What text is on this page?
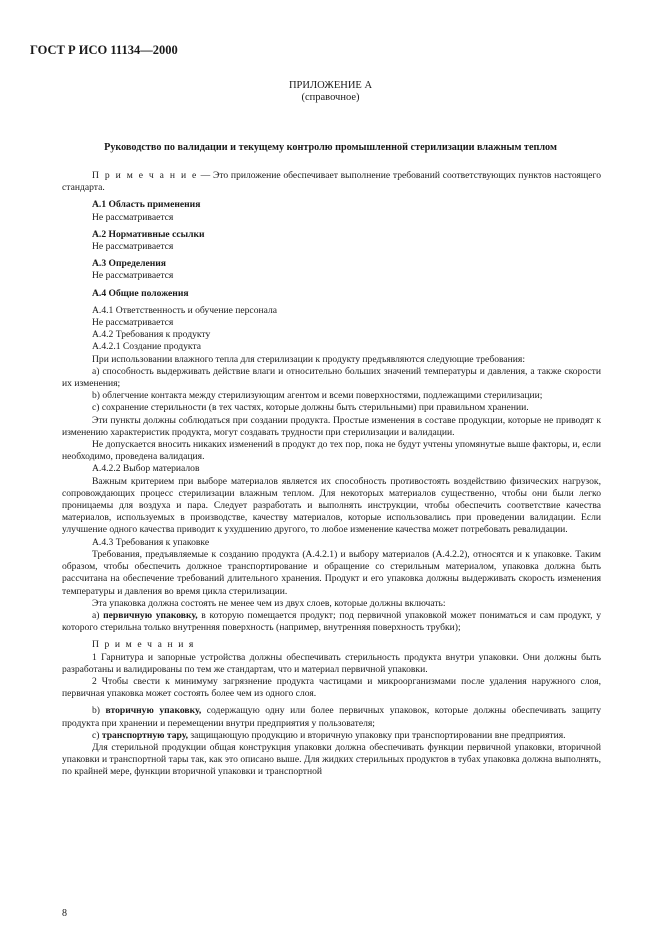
ГОСТ Р ИСО 11134—2000
ПРИЛОЖЕНИЕ А
(справочное)
Руководство по валидации и текущему контролю промышленной стерилизации влажным теплом

П р и м е ч а н и е — Это приложение обеспечивает выполнение требований соответствующих пунктов настоящего стандарта.

А.1 Область применения

Не рассматривается

А.2 Нормативные ссылки

Не рассматривается

А.3 Определения

Не рассматривается

А.4 Общие положения

А.4.1 Ответственность и обучение персонала

Не рассматривается

А.4.2 Требования к продукту

А.4.2.1 Создание продукта

При использовании влажного тепла для стерилизации к продукту предъявляются следующие требования:

а) способность выдерживать действие влаги и относительно больших значений температуры и давления, а также скорости их изменения;

b) облегчение контакта между стерилизующим агентом и всеми поверхностями, подлежащими стерилизации;

с) сохранение стерильности (в тех частях, которые должны быть стерильными) при правильном хранении.

Эти пункты должны соблюдаться при создании продукта. Простые изменения в составе продукции, которые не приводят к изменению характеристик продукта, могут создавать трудности при стерилизации и валидации.

Не допускается вносить никаких изменений в продукт до тех пор, пока не будут учтены упомянутые выше факторы, и, если необходимо, проведена валидация.

А.4.2.2 Выбор материалов

Важным критерием при выборе материалов является их способность противостоять воздействию физических нагрузок, сопровождающих процесс стерилизации влажным теплом. Для некоторых материалов существенно, чтобы они были легко проницаемы для воздуха и пара. Следует разработать и выполнять инструкции, чтобы обеспечить соответствие качества материалов, используемых в производстве, качеству материалов, которые использовались при проведении валидации. Если улучшение одного качества приводит к ухудшению другого, то любое изменение качества может потребовать ревалидации.

А.4.3 Требования к упаковке

Требования, предъявляемые к созданию продукта (А.4.2.1) и выбору материалов (А.4.2.2), относятся и к упаковке. Таким образом, чтобы обеспечить должное транспортирование и обращение со стерильным материалом, упаковка должна быть рассчитана на обеспечение требований длительного хранения. Продукт и его упаковка должны выдерживать скорость изменения температуры и давления во время цикла стерилизации.

Эта упаковка должна состоять не менее чем из двух слоев, которые должны включать:

а) первичную упаковку, в которую помещается продукт; под первичной упаковкой может пониматься и сам продукт, у которого стерильна только внутренняя поверхность (например, внутренняя поверхность трубки);

П р и м е ч а н и я

1 Гарнитура и запорные устройства должны обеспечивать стерильность продукта внутри упаковки. Они должны быть разработаны и валидированы по тем же стандартам, что и материал первичной упаковки.

2 Чтобы свести к минимуму загрязнение продукта частицами и микроорганизмами после удаления наружного слоя, первичная упаковка может состоять более чем из одного слоя.

b) вторичную упаковку, содержащую одну или более первичных упаковок, которые должны обеспечивать защиту продукта при хранении и перемещении внутри предприятия у пользователя;

c) транспортную тару, защищающую продукцию и вторичную упаковку при транспортировании вне предприятия.

Для стерильной продукции общая конструкция упаковки должна обеспечивать функции первичной упаковки, вторичной упаковки и транспортной тары так, как это описано выше. Для жидких стерильных продуктов в тубах упаковка должна выполнять, по крайней мере, функции вторичной упаковки и транспортной

8
